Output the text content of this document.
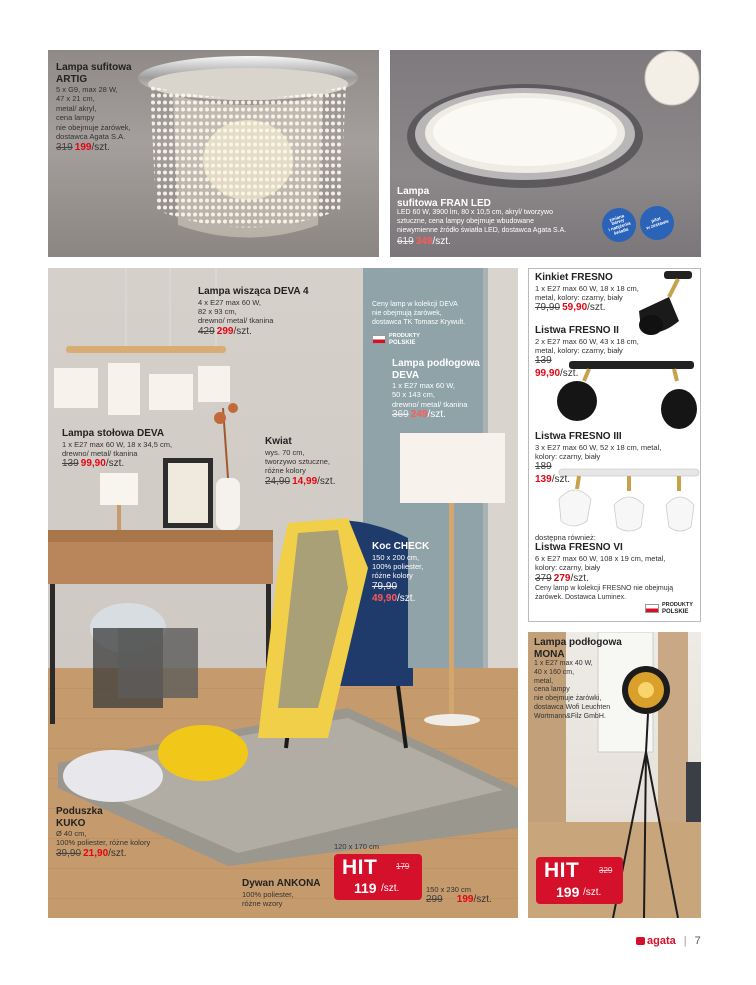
Lampa sufitowa
ARTIG
5 x G9, max 28 W,
47 x 21 cm,
metal/ akryl,
cena lampy
nie obejmuje żarówek,
dostawca Agata S.A.
319 199/szt.
zmiana
barwy
i natężenia
światła
pilot
w zestawie
Lampa
sufitowa FRAN LED
LED 60 W, 3900 lm, 80 x 10,5 cm, akryl/ tworzywo
sztuczne, cena lampy obejmuje wbudowane
niewymienne źródło światła LED, dostawca Agata S.A.
619 349/szt.
Lampa wisząca DEVA 4
4 x E27 max 60 W,
82 x 93 cm,
drewno/ metal/ tkanina
429 299/szt.
Ceny lamp w kolekcji DEVA
nie obejmują żarówek,
dostawca TK Tomasz Krywult.
PRODUKTY
POLSKIE
Lampa podłogowa
DEVA
1 x E27 max 60 W,
50 x 143 cm,
drewno/ metal/ tkanina
369 249/szt.
Lampa stołowa DEVA
1 x E27 max 60 W, 18 x 34,5 cm,
drewno/ metal/ tkanina
139 99,90/szt.
Kwiat
wys. 70 cm,
tworzywo sztuczne,
różne kolory
24,90 14,99/szt.
Koc CHECK
150 x 200 cm,
100% poliester,
różne kolory
79,90
49,90/szt.
Poduszka
KUKO
Ø 40 cm,
100% poliester, różne kolory
39,90 21,90/szt.
120 x 170 cm
Dywan ANKONA
100% poliester,
różne wzory
HIT 179
119 /szt.	150 x 230 cm
299 199/szt.
Kinkiet FRESNO
1 x E27 max 60 W, 18 x 18 cm,
metal, kolory: czarny, biały
79,90 59,90/szt.
Listwa FRESNO II
2 x E27 max 60 W, 43 x 18 cm,
metal, kolory: czarny, biały
139
99,90/szt.
Listwa FRESNO III
3 x E27 max 60 W, 52 x 18 cm, metal,
kolory: czarny, biały
189
139/szt.
dostępna również:
Listwa FRESNO VI
6 x E27 max 60 W, 108 x 19 cm, metal,
kolory: czarny, biały
379 279/szt.
Ceny lamp w kolekcji FRESNO nie obejmują
żarówek. Dostawca Luminex.
PRODUKTY
POLSKIE
Lampa podłogowa
MONA
1 x E27 max 40 W,
40 x 160 cm,
metal,
cena lampy
nie obejmuje żarówki,
dostawca Wofi Leuchten
Wortmann&Filz GmbH.
HIT 329
199 /szt.
agata | 7
